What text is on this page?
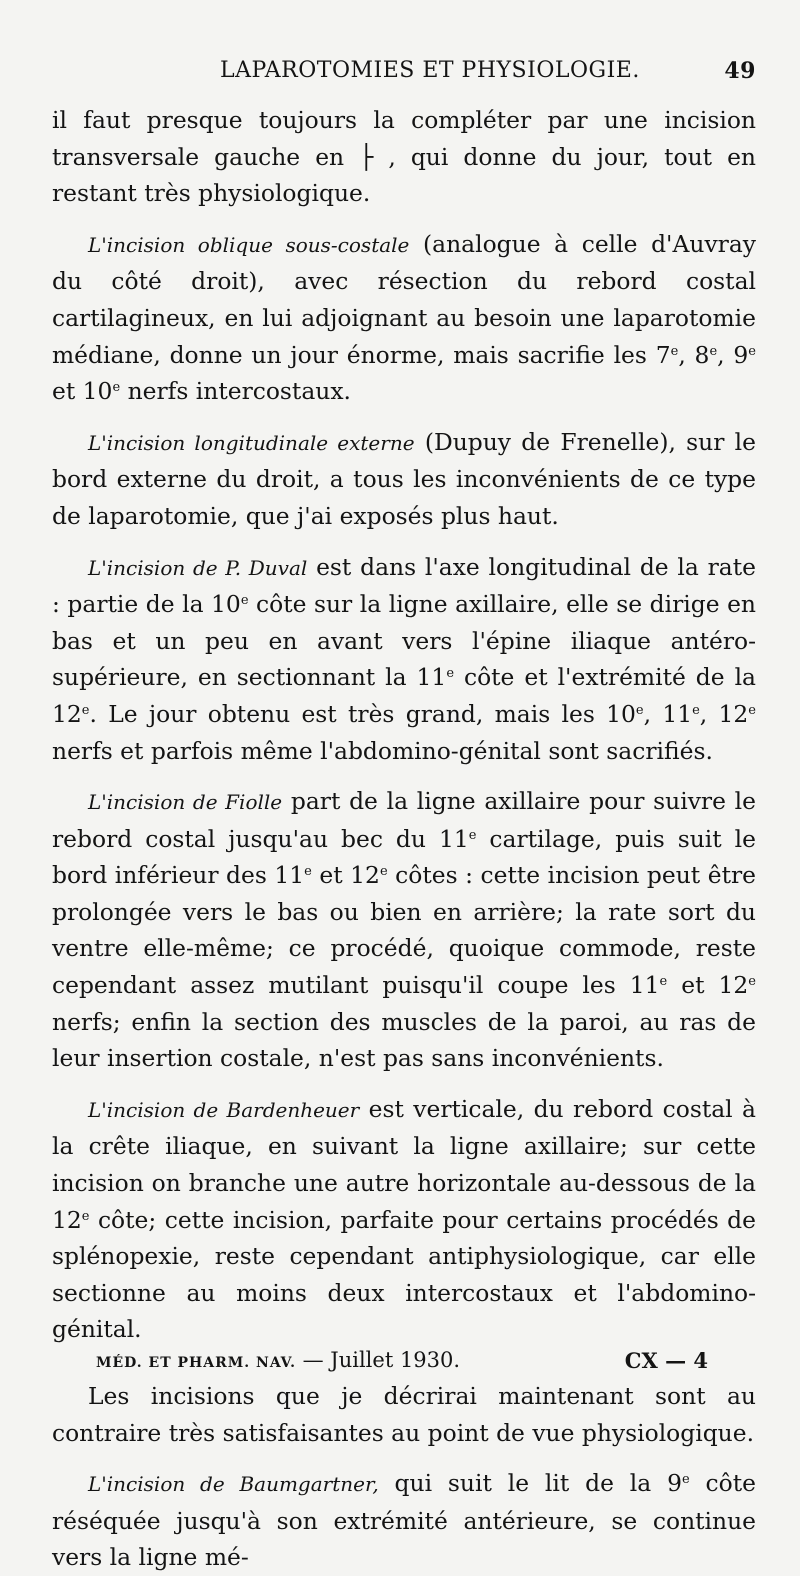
LAPAROTOMIES ET PHYSIOLOGIE.	49

il faut presque toujours la compléter par une incision transversale gauche en ├ , qui donne du jour, tout en restant très physiologique.

L'incision oblique sous-costale (analogue à celle d'Auvray du côté droit), avec résection du rebord costal cartilagineux, en lui adjoignant au besoin une laparotomie médiane, donne un jour énorme, mais sacrifie les 7e, 8e, 9e et 10e nerfs intercostaux.

L'incision longitudinale externe (Dupuy de Frenelle), sur le bord externe du droit, a tous les inconvénients de ce type de laparotomie, que j'ai exposés plus haut.

L'incision de P. Duval est dans l'axe longitudinal de la rate : partie de la 10e côte sur la ligne axillaire, elle se dirige en bas et un peu en avant vers l'épine iliaque antéro-supérieure, en sectionnant la 11e côte et l'extrémité de la 12e. Le jour obtenu est très grand, mais les 10e, 11e, 12e nerfs et parfois même l'abdomino-génital sont sacrifiés.

L'incision de Fiolle part de la ligne axillaire pour suivre le rebord costal jusqu'au bec du 11e cartilage, puis suit le bord inférieur des 11e et 12e côtes : cette incision peut être prolongée vers le bas ou bien en arrière; la rate sort du ventre elle-même; ce procédé, quoique commode, reste cependant assez mutilant puisqu'il coupe les 11e et 12e nerfs; enfin la section des muscles de la paroi, au ras de leur insertion costale, n'est pas sans inconvénients.

L'incision de Bardenheuer est verticale, du rebord costal à la crête iliaque, en suivant la ligne axillaire; sur cette incision on branche une autre horizontale au-dessous de la 12e côte; cette incision, parfaite pour certains procédés de splénopexie, reste cependant antiphysiologique, car elle sectionne au moins deux intercostaux et l'abdomino-génital.

Les incisions que je décrirai maintenant sont au contraire très satisfaisantes au point de vue physiologique.

L'incision de Baumgartner, qui suit le lit de la 9e côte réséquée jusqu'à son extrémité antérieure, se continue vers la ligne mé-

MÉD. ET PHARM. NAV. — Juillet 1930.	CX — 4
